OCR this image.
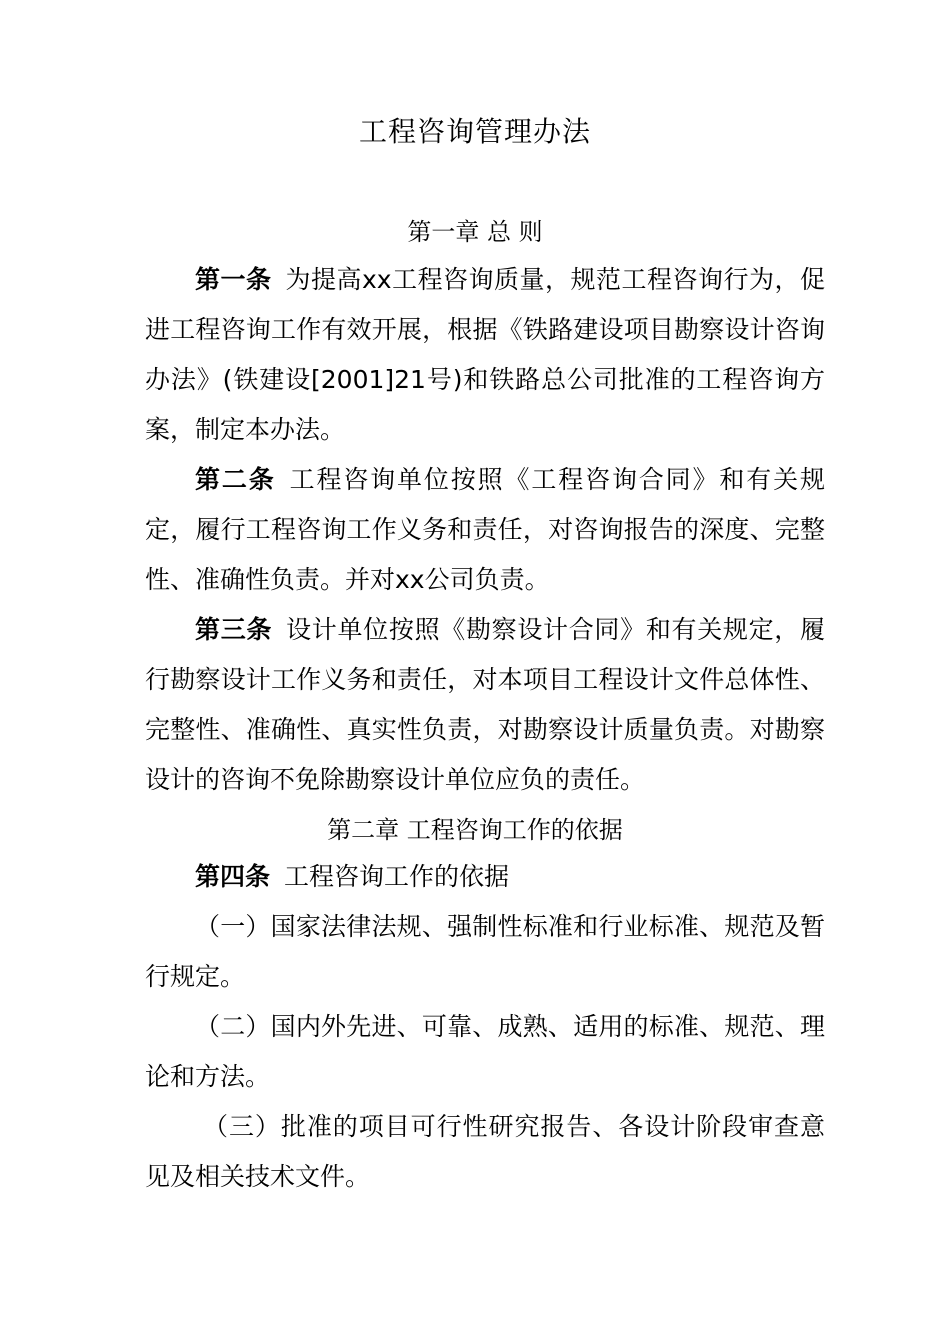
工程咨询管理办法
第一章 总 则
第一条 为提高xx工程咨询质量，规范工程咨询行为，促进工程咨询工作有效开展，根据《铁路建设项目勘察设计咨询办法》(铁建设[2001]21号)和铁路总公司批准的工程咨询方案，制定本办法。
第二条 工程咨询单位按照《工程咨询合同》和有关规定，履行工程咨询工作义务和责任，对咨询报告的深度、完整性、准确性负责。并对xx公司负责。
第三条 设计单位按照《勘察设计合同》和有关规定，履行勘察设计工作义务和责任，对本项目工程设计文件总体性、完整性、准确性、真实性负责，对勘察设计质量负责。对勘察设计的咨询不免除勘察设计单位应负的责任。
第二章 工程咨询工作的依据
第四条 工程咨询工作的依据
（一）国家法律法规、强制性标准和行业标准、规范及暂行规定。
（二）国内外先进、可靠、成熟、适用的标准、规范、理论和方法。
（三）批准的项目可行性研究报告、各设计阶段审查意见及相关技术文件。
